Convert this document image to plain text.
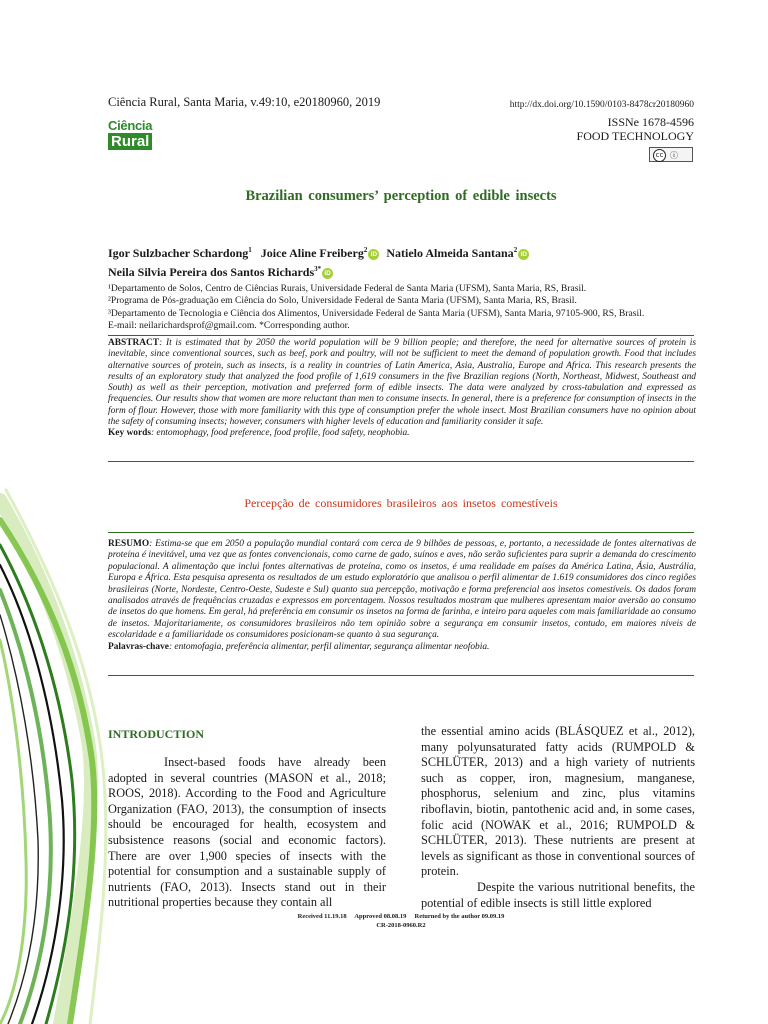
Ciência Rural, Santa Maria, v.49:10, e20180960, 2019	http://dx.doi.org/10.1590/0103-8478cr20180960
ISSNe 1678-4596
FOOD TECHNOLOGY
cc ⓘ
Ciência
Rural
Brazilian consumers’ perception of edible insects
Igor Sulzbacher Schardong$^1$ Joice Aline Freiberg$^2$iD Natielo Almeida Santana$^2$iD
Neila Silvia Pereira dos Santos Richards$^{3*}$iD
¹Departamento de Solos, Centro de Ciências Rurais, Universidade Federal de Santa Maria (UFSM), Santa Maria, RS, Brasil.
²Programa de Pós-graduação em Ciência do Solo, Universidade Federal de Santa Maria (UFSM), Santa Maria, RS, Brasil.
³Departamento de Tecnologia e Ciência dos Alimentos, Universidade Federal de Santa Maria (UFSM), Santa Maria, 97105-900, RS, Brasil.
E-mail: neilarichardsprof@gmail.com. *Corresponding author.
ABSTRACT: It is estimated that by 2050 the world population will be 9 billion people; and therefore, the need for alternative sources of protein is inevitable, since conventional sources, such as beef, pork and poultry, will not be sufficient to meet the demand of population growth. Food that includes alternative sources of protein, such as insects, is a reality in countries of Latin America, Asia, Australia, Europe and Africa. This research presents the results of an exploratory study that analyzed the food profile of 1,619 consumers in the five Brazilian regions (North, Northeast, Midwest, Southeast and South) as well as their perception, motivation and preferred form of edible insects. The data were analyzed by cross-tabulation and expressed as frequencies. Our results show that women are more reluctant than men to consume insects. In general, there is a preference for consumption of insects in the form of flour. However, those with more familiarity with this type of consumption prefer the whole insect. Most Brazilian consumers have no opinion about the safety of consuming insects; however, consumers with higher levels of education and familiarity consider it safe.
Key words: entomophagy, food preference, food profile, food safety, neophobia.
Percepção de consumidores brasileiros aos insetos comestíveis
RESUMO: Estima-se que em 2050 a população mundial contará com cerca de 9 bilhões de pessoas, e, portanto, a necessidade de fontes alternativas de proteína é inevitável, uma vez que as fontes convencionais, como carne de gado, suínos e aves, não serão suficientes para suprir a demanda do crescimento populacional. A alimentação que inclui fontes alternativas de proteína, como os insetos, é uma realidade em países da América Latina, Ásia, Austrália, Europa e África. Esta pesquisa apresenta os resultados de um estudo exploratório que analisou o perfil alimentar de 1.619 consumidores dos cinco regiões brasileiras (Norte, Nordeste, Centro-Oeste, Sudeste e Sul) quanto sua percepção, motivação e forma preferencial aos insetos comestíveis. Os dados foram analisados através de frequências cruzadas e expressos em porcentagem. Nossos resultados mostram que mulheres apresentam maior aversão ao consumo de insetos do que homens. Em geral, há preferência em consumir os insetos na forma de farinha, e inteiro para aqueles com mais familiaridade ao consumo de insetos. Majoritariamente, os consumidores brasileiros não tem opinião sobre a segurança em consumir insetos, contudo, em maiores níveis de escolaridade e a familiaridade os consumidores posicionam-se quanto à sua segurança.
Palavras-chave: entomofagia, preferência alimentar, perfil alimentar, segurança alimentar neofobia.
INTRODUCTION

Insect-based foods have already been adopted in several countries (MASON et al., 2018; ROOS, 2018). According to the Food and Agriculture Organization (FAO, 2013), the consumption of insects should be encouraged for health, ecosystem and subsistence reasons (social and economic factors). There are over 1,900 species of insects with the potential for consumption and a sustainable supply of nutrients (FAO, 2013). Insects stand out in their nutritional properties because they contain all

the essential amino acids (BLÁSQUEZ et al., 2012), many polyunsaturated fatty acids (RUMPOLD & SCHLÜTER, 2013) and a high variety of nutrients such as copper, iron, magnesium, manganese, phosphorus, selenium and zinc, plus vitamins riboflavin, biotin, pantothenic acid and, in some cases, folic acid (NOWAK et al., 2016; RUMPOLD & SCHLÜTER, 2013). These nutrients are present at levels as significant as those in conventional sources of protein.

Despite the various nutritional benefits, the potential of edible insects is still little explored

Received 11.19.18     Approved 08.08.19     Returned by the author 09.09.19
CR-2018-0960.R2
